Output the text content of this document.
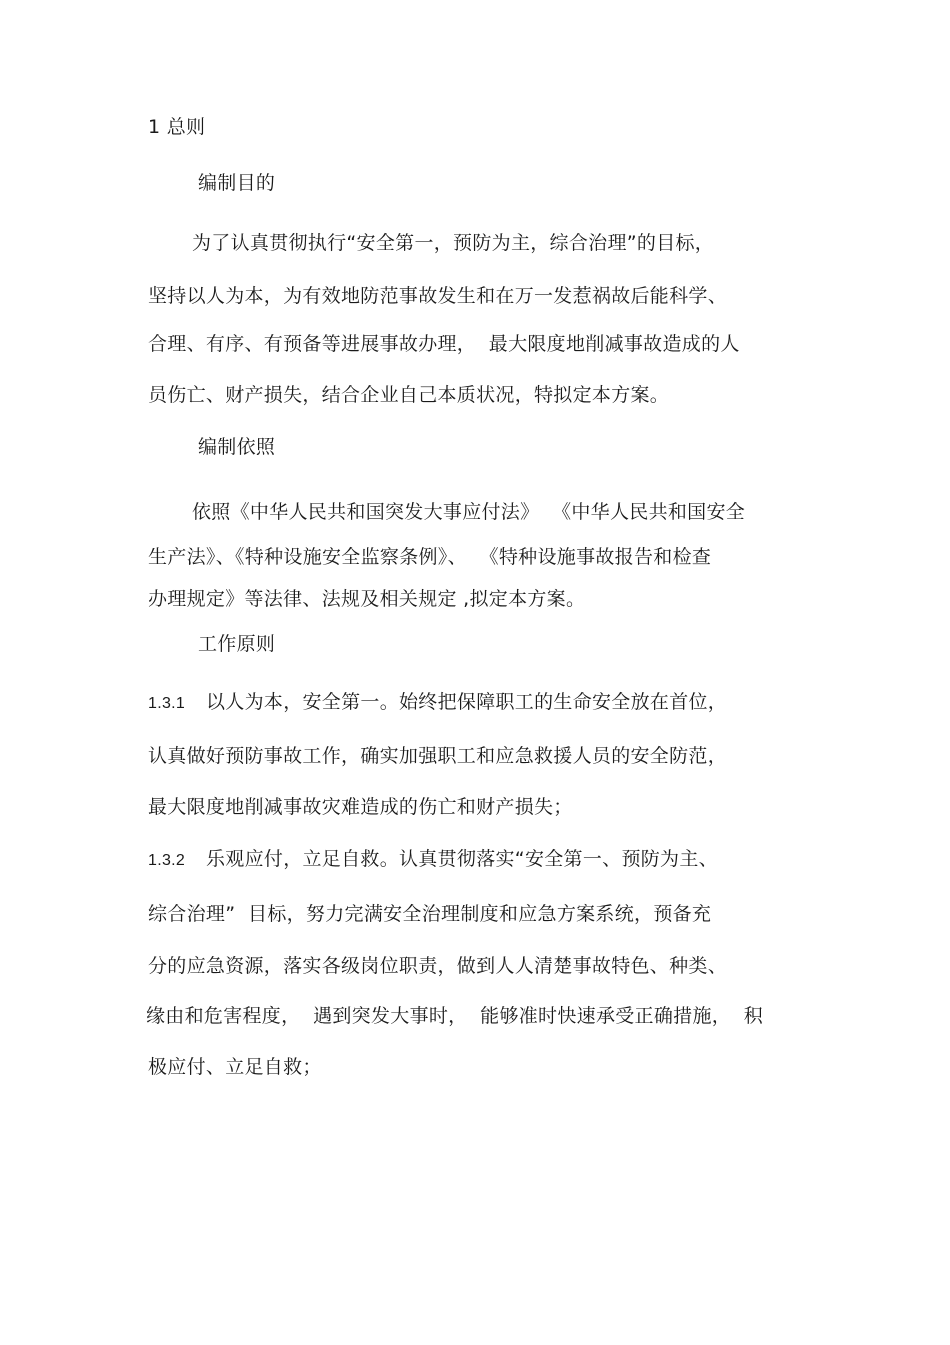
1 总则
编制目的
为了认真贯彻执行“安全第一，预防为主，综合治理”的目标，
坚持以人为本，为有效地防范事故发生和在万一发惹祸故后能科学、
合理、有序、有预备等进展事故办理，  最大限度地削减事故造成的人
员伤亡、财产损失，结合企业自己本质状况，特拟定本方案。
编制依照
依照《中华人民共和国突发大事应付法》  《中华人民共和国安全
生产法》、《特种设施安全监察条例》、  《特种设施事故报告和检查
办理规定》等法律、法规及相关规定 ,拟定本方案。
工作原则
1.3.1 以人为本，安全第一。始终把保障职工的生命安全放在首位，
认真做好预防事故工作，确实加强职工和应急救援人员的安全防范，
最大限度地削减事故灾难造成的伤亡和财产损失；
1.3.2 乐观应付，立足自救。认真贯彻落实“安全第一、预防为主、
综合治理”  目标，努力完满安全治理制度和应急方案系统，预备充
分的应急资源，落实各级岗位职责，做到人人清楚事故特色、种类、
缘由和危害程度，  遇到突发大事时，  能够准时快速承受正确措施，  积
极应付、立足自救；
